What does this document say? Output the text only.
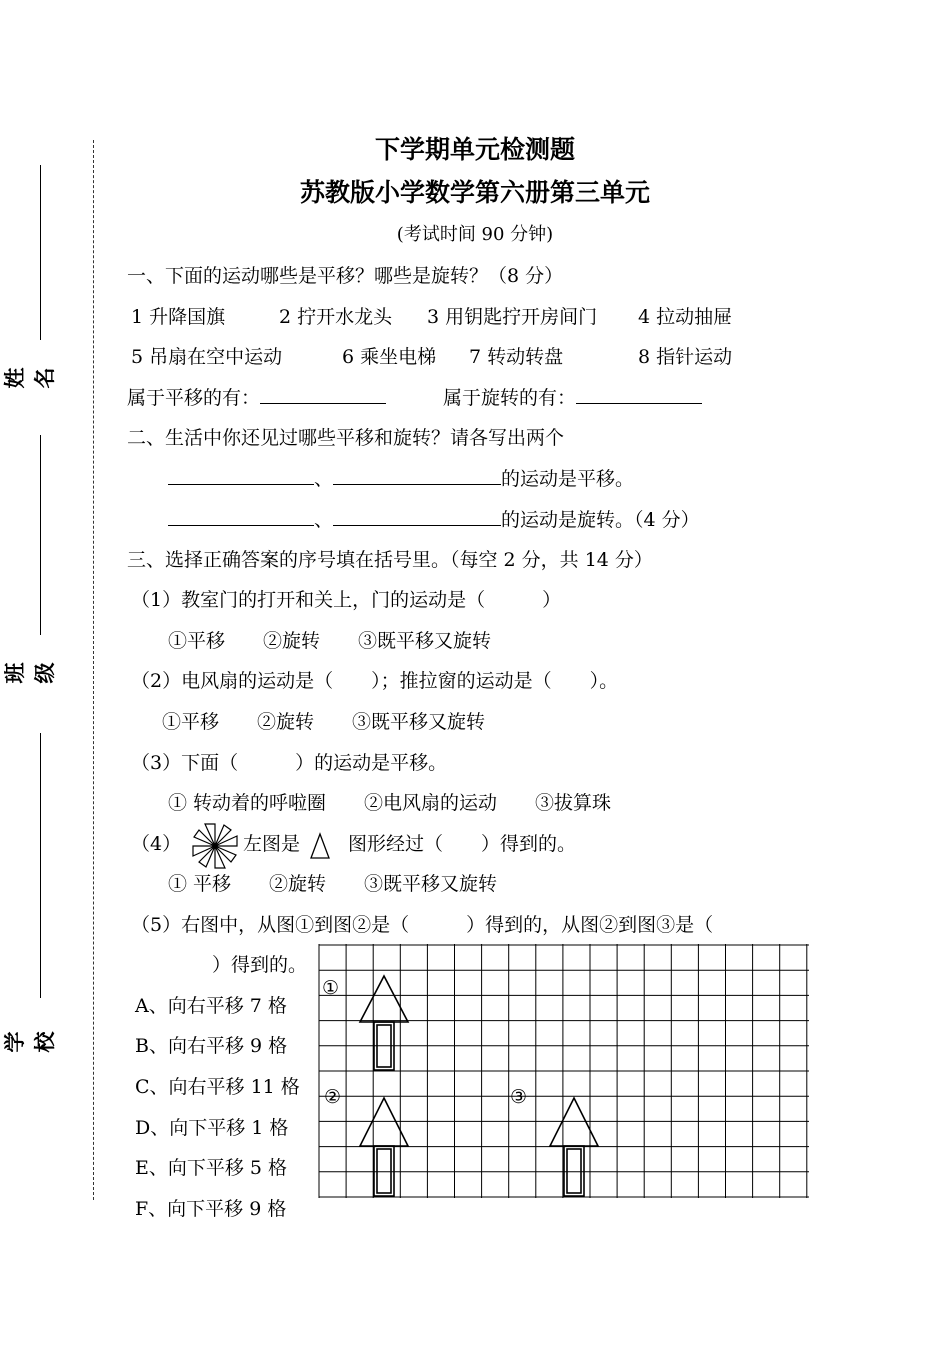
姓名
班级
学校
下学期单元检测题
苏教版小学数学第六册第三单元
(考试时间 90 分钟)
一、下面的运动哪些是平移？哪些是旋转？（8 分）
1 升降国旗	2 拧开水龙头 3 用钥匙拧开房间门 4 拉动抽屉
5 吊扇在空中运动	6 乘坐电梯 7 转动转盘	8 指针运动
属于平移的有：	属于旋转的有：
二、生活中你还见过哪些平移和旋转？请各写出两个
、	的运动是平移。
、	的运动是旋转。（4 分）
三、选择正确答案的序号填在括号里。（每空 2 分，共 14 分）
（1）教室门的打开和关上，门的运动是（　　　）
①平移　　②旋转　　③既平移又旋转
（2）电风扇的运动是（　　）；推拉窗的运动是（　　）。
①平移　　②旋转　　③既平移又旋转
（3）下面（　　　）的运动是平移。
① 转动着的呼啦圈　　②电风扇的运动　　③拔算珠
（4）	左图是	图形经过（　　）得到的。
① 平移　　②旋转　　③既平移又旋转
（5）右图中，从图①到图②是（　　　）得到的，从图②到图③是（
）得到的。
A、向右平移 7 格
B、向右平移 9 格
C、向右平移 11 格
D、向下平移 1 格
E、向下平移 5 格
F、向下平移 9 格
①
②	③
